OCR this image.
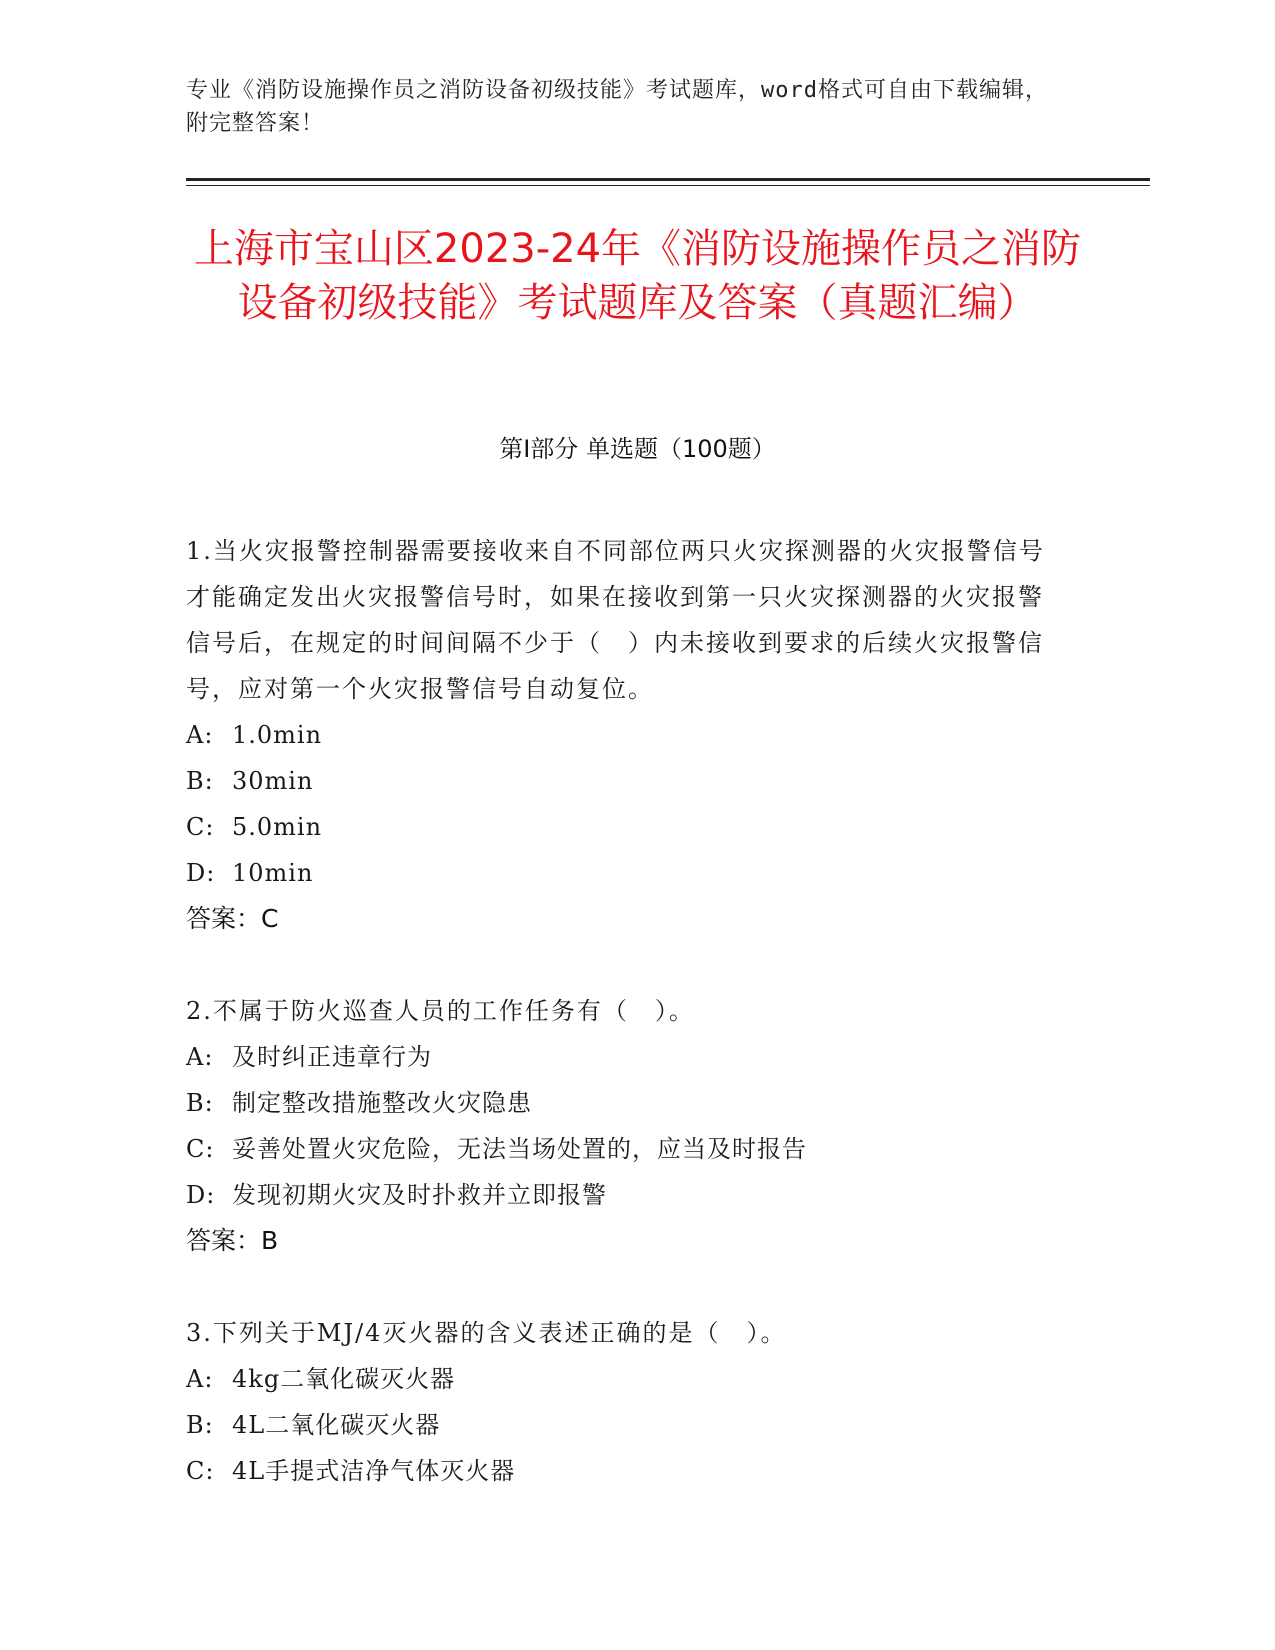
专业《消防设施操作员之消防设备初级技能》考试题库，word格式可自由下载编辑，附完整答案！
上海市宝山区2023-24年《消防设施操作员之消防设备初级技能》考试题库及答案（真题汇编）
第I部分 单选题（100题）
1.当火灾报警控制器需要接收来自不同部位两只火灾探测器的火灾报警信号才能确定发出火灾报警信号时，如果在接收到第一只火灾探测器的火灾报警信号后，在规定的时间间隔不少于（　）内未接收到要求的后续火灾报警信号，应对第一个火灾报警信号自动复位。
A: 1.0min
B: 30min
C: 5.0min
D: 10min
答案：C
2.不属于防火巡查人员的工作任务有（　）。
A: 及时纠正违章行为
B: 制定整改措施整改火灾隐患
C: 妥善处置火灾危险，无法当场处置的，应当及时报告
D: 发现初期火灾及时扑救并立即报警
答案：B
3.下列关于MJ/4灭火器的含义表述正确的是（　）。
A: 4kg二氧化碳灭火器
B: 4L二氧化碳灭火器
C: 4L手提式洁净气体灭火器
